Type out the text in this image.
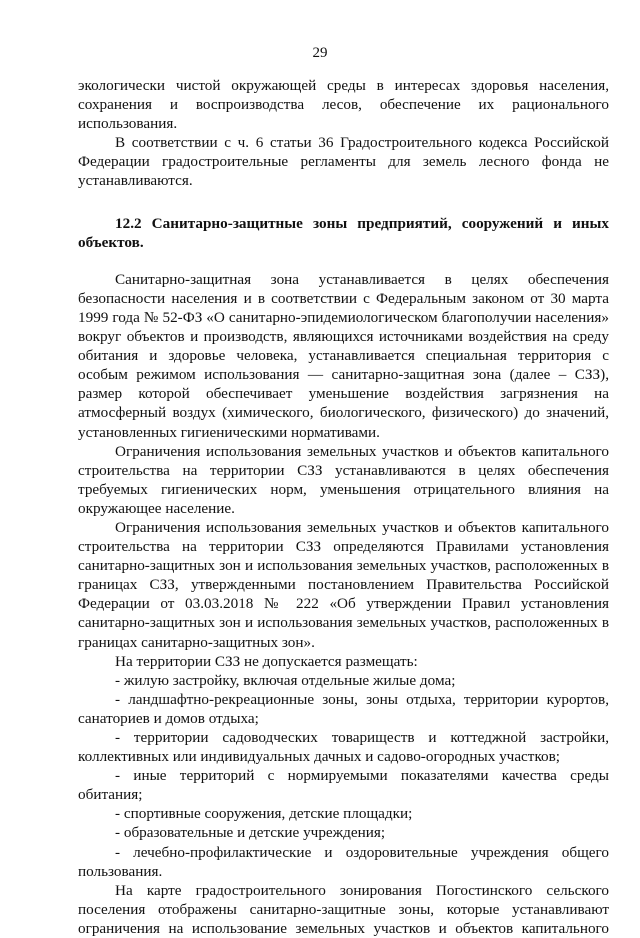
29

экологически чистой окружающей среды в интересах здоровья населения, сохранения и воспроизводства лесов, обеспечение их рационального использования.

В соответствии с ч. 6 статьи 36 Градостроительного кодекса Российской Федерации градостроительные регламенты для земель лесного фонда не устанавливаются.

12.2 Санитарно-защитные зоны предприятий, сооружений и иных объектов.

Санитарно-защитная зона устанавливается в целях обеспечения безопасности населения и в соответствии с Федеральным законом от 30 марта 1999 года № 52-ФЗ «О санитарно-эпидемиологическом благополучии населения» вокруг объектов и производств, являющихся источниками воздействия на среду обитания и здоровье человека, устанавливается специальная территория с особым режимом использования — санитарно-защитная зона (далее – СЗЗ), размер которой обеспечивает уменьшение воздействия загрязнения на атмосферный воздух (химического, биологического, физического) до значений, установленных гигиеническими нормативами.

Ограничения использования земельных участков и объектов капитального строительства на территории СЗЗ устанавливаются в целях обеспечения требуемых гигиенических норм, уменьшения отрицательного влияния на окружающее население.

Ограничения использования земельных участков и объектов капитального строительства на территории СЗЗ определяются Правилами установления санитарно-защитных зон и использования земельных участков, расположенных в границах СЗЗ, утвержденными постановлением Правительства Российской Федерации от 03.03.2018 № 222 «Об утверждении Правил установления санитарно-защитных зон и использования земельных участков, расположенных в границах санитарно-защитных зон».

На территории СЗЗ не допускается размещать:

- жилую застройку, включая отдельные жилые дома;

- ландшафтно-рекреационные зоны, зоны отдыха, территории курортов, санаториев и домов отдыха;

- территории садоводческих товариществ и коттеджной застройки, коллективных или индивидуальных дачных и садово-огородных участков;

- иные территорий с нормируемыми показателями качества среды обитания;

- спортивные сооружения, детские площадки;

- образовательные и детские учреждения;

- лечебно-профилактические и оздоровительные учреждения общего пользования.

На карте градостроительного зонирования Погостинского сельского поселения отображены санитарно-защитные зоны, которые устанавливают ограничения на использование земельных участков и объектов капитального
